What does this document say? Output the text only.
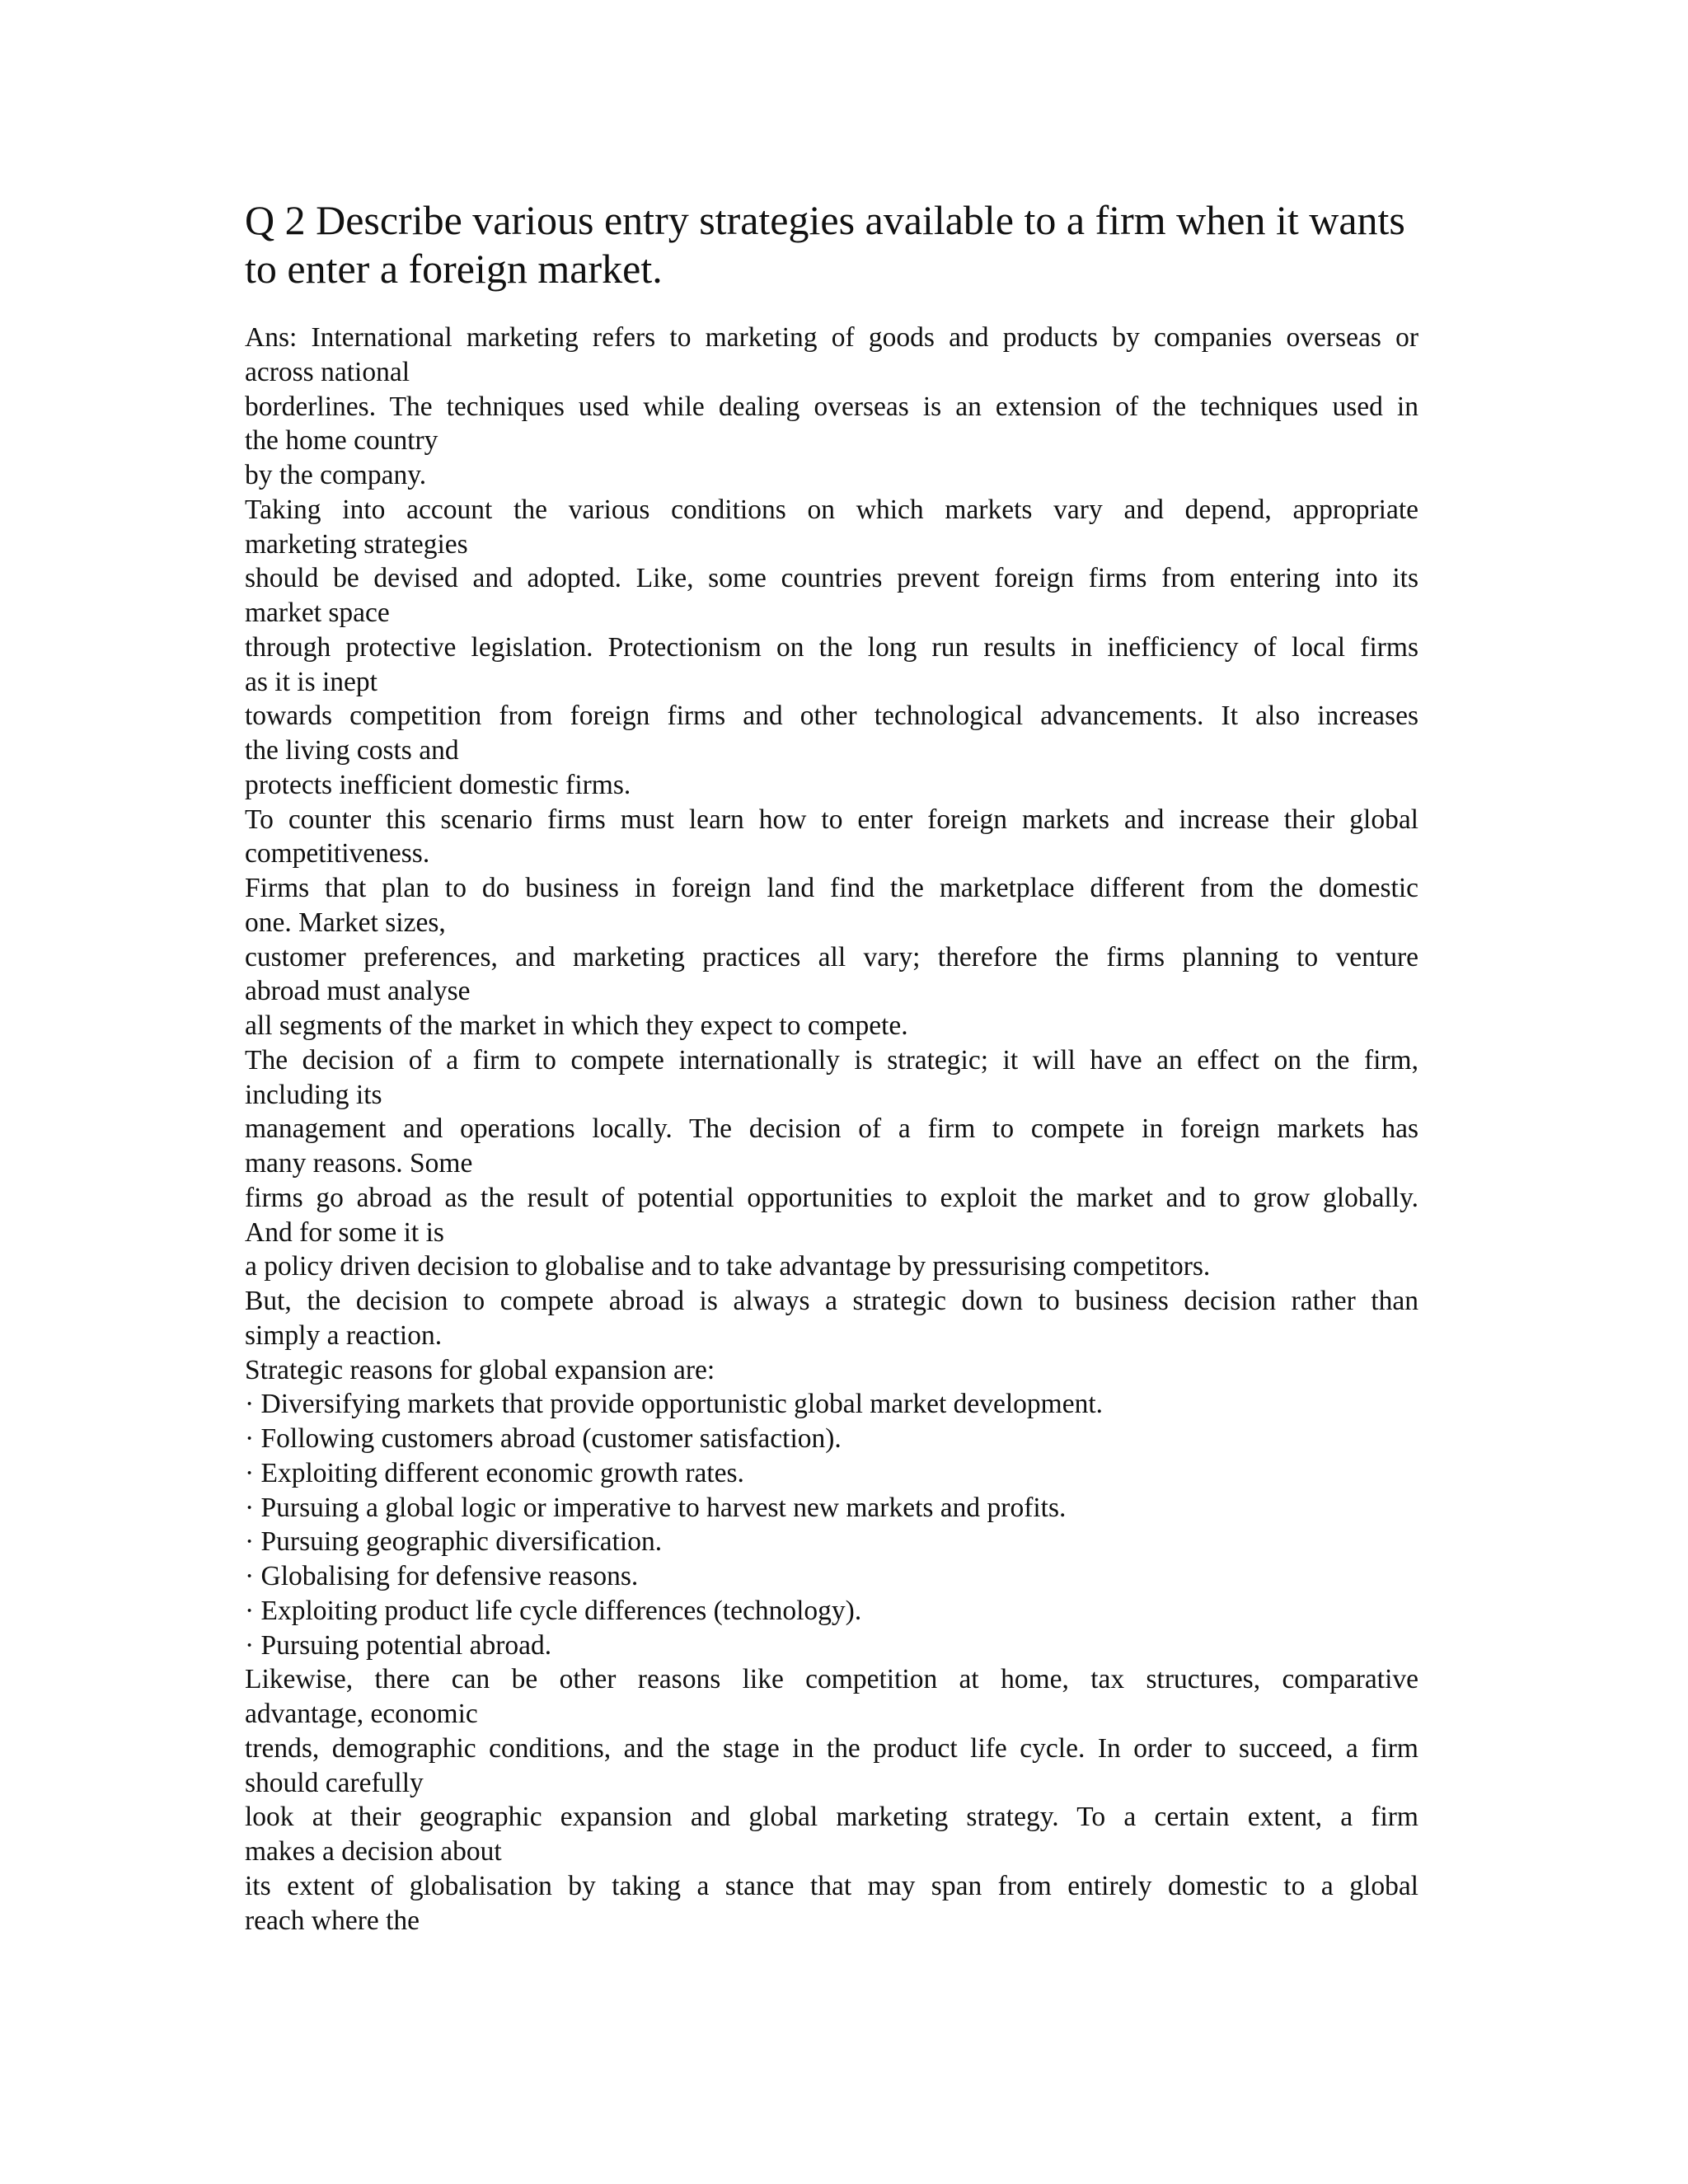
Q 2 Describe various entry strategies available to a firm when it wants
to enter a foreign market.
Ans: International marketing refers to marketing of goods and products by companies overseas or
across national
borderlines. The techniques used while dealing overseas is an extension of the techniques used in
the home country
by the company.
Taking into account the various conditions on which markets vary and depend, appropriate
marketing strategies
should be devised and adopted. Like, some countries prevent foreign firms from entering into its
market space
through protective legislation. Protectionism on the long run results in inefficiency of local firms
as it is inept
towards competition from foreign firms and other technological advancements. It also increases
the living costs and
protects inefficient domestic firms.
To counter this scenario firms must learn how to enter foreign markets and increase their global
competitiveness.
Firms that plan to do business in foreign land find the marketplace different from the domestic
one. Market sizes,
customer preferences, and marketing practices all vary; therefore the firms planning to venture
abroad must analyse
all segments of the market in which they expect to compete.
The decision of a firm to compete internationally is strategic; it will have an effect on the firm,
including its
management and operations locally. The decision of a firm to compete in foreign markets has
many reasons. Some
firms go abroad as the result of potential opportunities to exploit the market and to grow globally.
And for some it is
a policy driven decision to globalise and to take advantage by pressurising competitors.
But, the decision to compete abroad is always a strategic down to business decision rather than
simply a reaction.
Strategic reasons for global expansion are:
· Diversifying markets that provide opportunistic global market development.
· Following customers abroad (customer satisfaction).
· Exploiting different economic growth rates.
· Pursuing a global logic or imperative to harvest new markets and profits.
· Pursuing geographic diversification.
· Globalising for defensive reasons.
· Exploiting product life cycle differences (technology).
· Pursuing potential abroad.
Likewise, there can be other reasons like competition at home, tax structures, comparative
advantage, economic
trends, demographic conditions, and the stage in the product life cycle. In order to succeed, a firm
should carefully
look at their geographic expansion and global marketing strategy. To a certain extent, a firm
makes a decision about
its extent of globalisation by taking a stance that may span from entirely domestic to a global
reach where the
